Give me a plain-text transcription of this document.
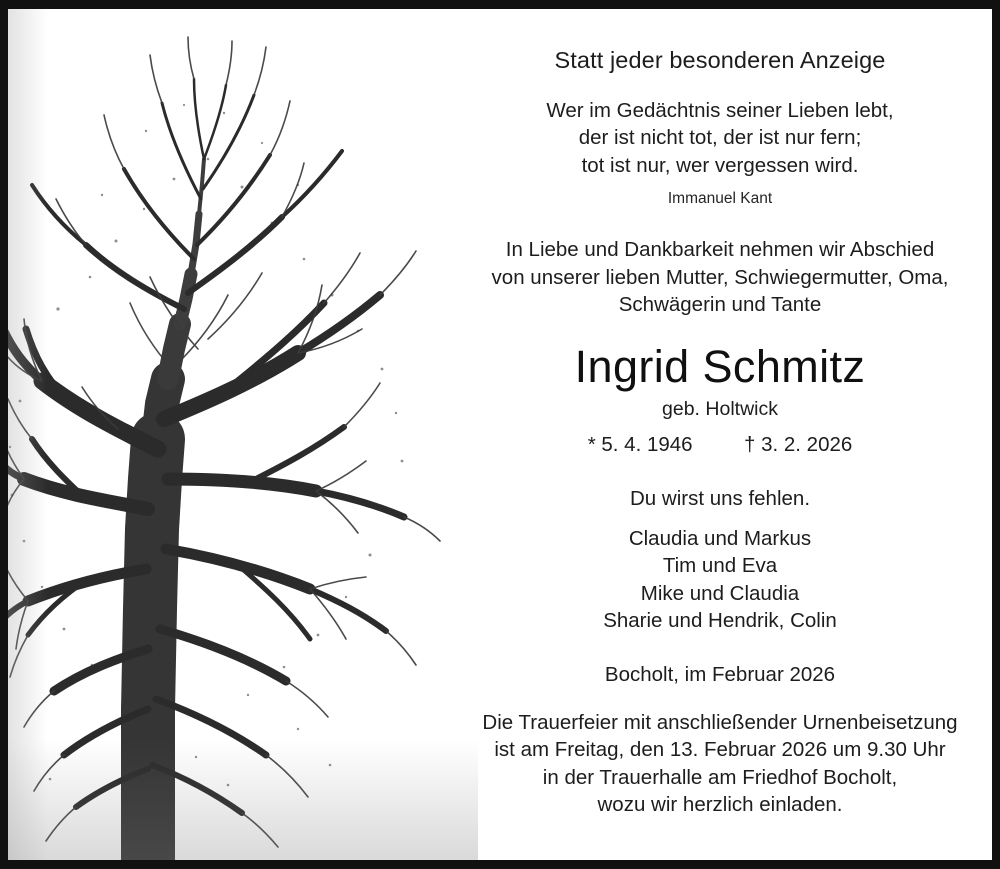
Statt jeder besonderen Anzeige
Wer im Gedächtnis seiner Lieben lebt,
der ist nicht tot, der ist nur fern;
tot ist nur, wer vergessen wird.
Immanuel Kant
In Liebe und Dankbarkeit nehmen wir Abschied
von unserer lieben Mutter, Schwiegermutter, Oma,
Schwägerin und Tante
Ingrid Schmitz
geb. Holtwick
* 5. 4. 1946	† 3. 2. 2026
Du wirst uns fehlen.
Claudia und Markus
Tim und Eva
Mike und Claudia
Sharie und Hendrik, Colin
Bocholt, im Februar 2026
Die Trauerfeier mit anschließender Urnenbeisetzung
ist am Freitag, den 13. Februar 2026 um 9.30 Uhr
in der Trauerhalle am Friedhof Bocholt,
wozu wir herzlich einladen.
